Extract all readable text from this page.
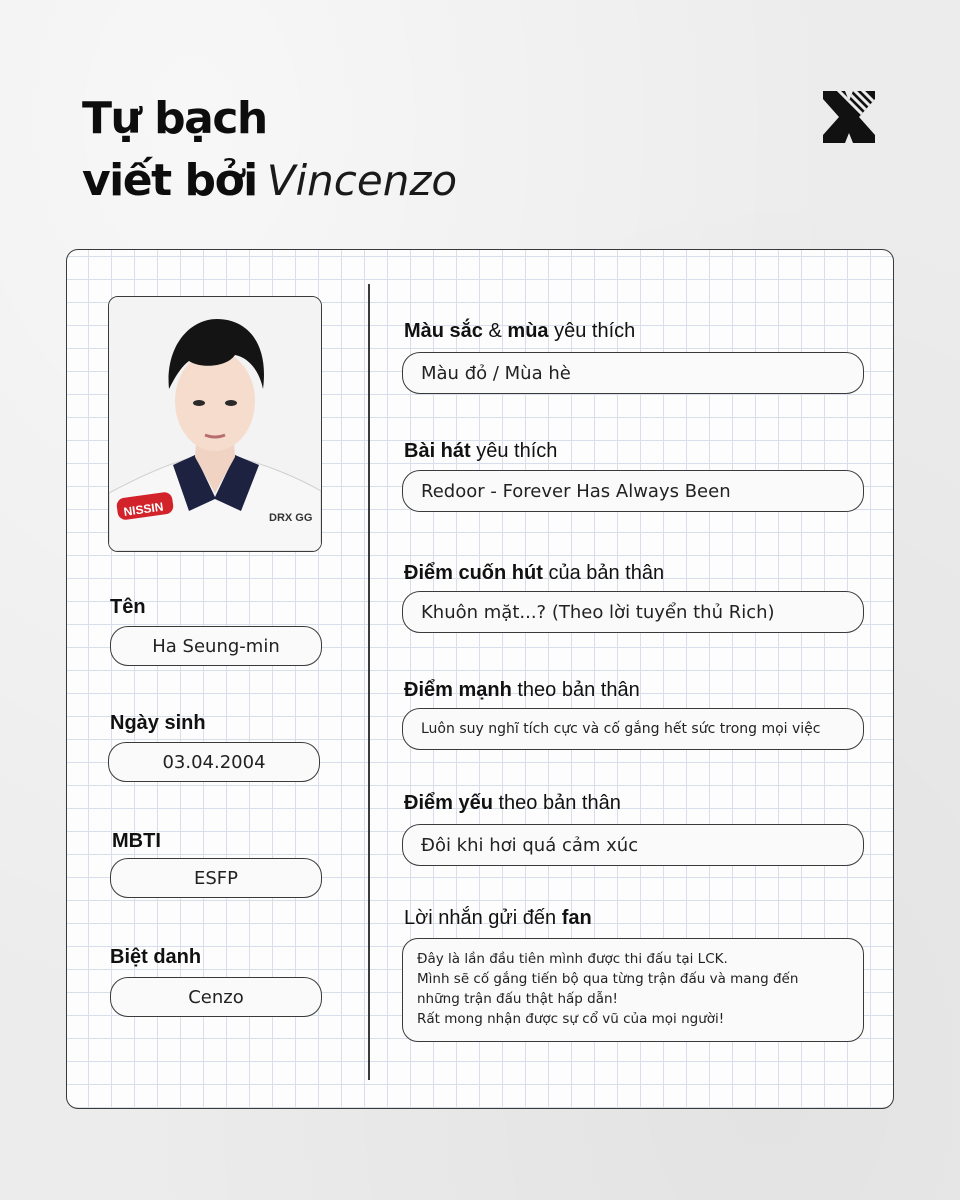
Tự bạch
viết bởi Vincenzo
NISSIN	DRX GG
Tên
Ha Seung-min
Ngày sinh
03.04.2004
MBTI
ESFP
Biệt danh
Cenzo
Màu sắc & mùa yêu thích
Màu đỏ / Mùa hè
Bài hát yêu thích
Redoor - Forever Has Always Been
Điểm cuốn hút của bản thân
Khuôn mặt...? (Theo lời tuyển thủ Rich)
Điểm mạnh theo bản thân
Luôn suy nghĩ tích cực và cố gắng hết sức trong mọi việc
Điểm yếu theo bản thân
Đôi khi hơi quá cảm xúc
Lời nhắn gửi đến fan
Đây là lần đầu tiên mình được thi đấu tại LCK.
Mình sẽ cố gắng tiến bộ qua từng trận đấu và mang đến
những trận đấu thật hấp dẫn!
Rất mong nhận được sự cổ vũ của mọi người!
